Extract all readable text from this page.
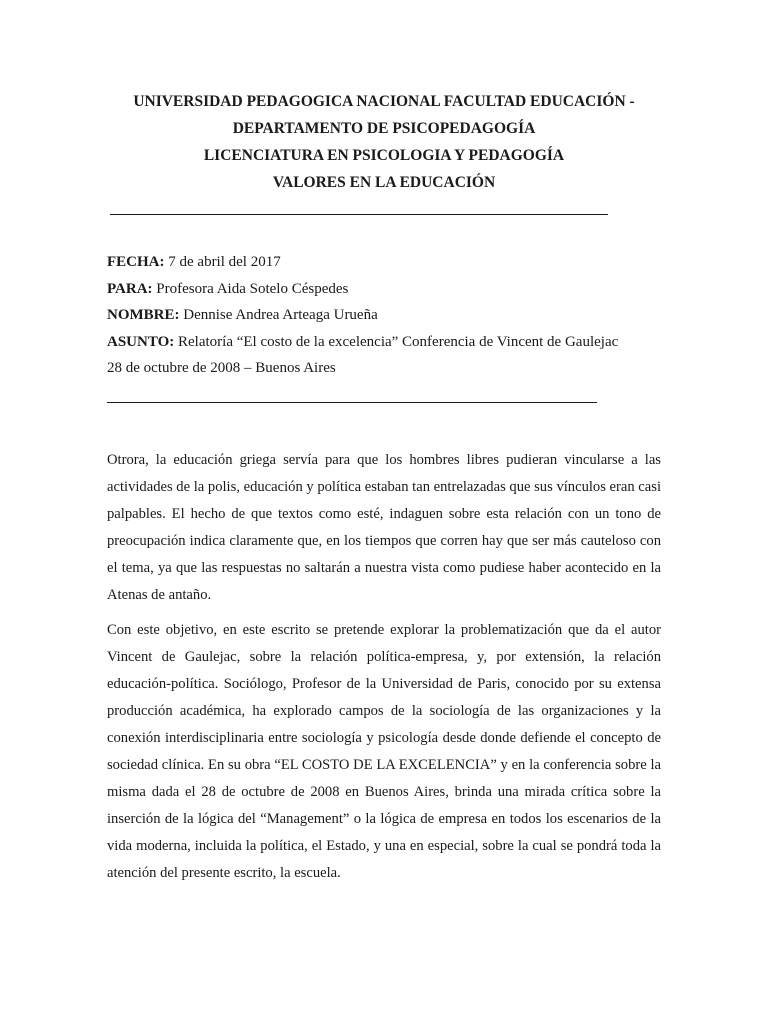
UNIVERSIDAD PEDAGOGICA NACIONAL FACULTAD EDUCACIÓN -
DEPARTAMENTO DE PSICOPEDAGOGÍA
LICENCIATURA EN PSICOLOGIA Y PEDAGOGÍA
VALORES EN LA EDUCACIÓN
FECHA: 7 de abril del 2017
PARA: Profesora Aida Sotelo Céspedes
NOMBRE: Dennise Andrea Arteaga Urueña
ASUNTO: Relatoría “El costo de la excelencia” Conferencia de Vincent de Gaulejac
28 de octubre de 2008 – Buenos Aires

Otrora, la educación griega servía para que los hombres libres pudieran vincularse a las actividades de la polis, educación y política estaban tan entrelazadas que sus vínculos eran casi palpables. El hecho de que textos como esté, indaguen sobre esta relación con un tono de preocupación indica claramente que, en los tiempos que corren hay que ser más cauteloso con el tema, ya que las respuestas no saltarán a nuestra vista como pudiese haber acontecido en la Atenas de antaño.

Con este objetivo, en este escrito se pretende explorar la problematización que da el autor Vincent de Gaulejac, sobre la relación política-empresa, y, por extensión, la relación educación-política. Sociólogo, Profesor de la Universidad de Paris, conocido por su extensa producción académica, ha explorado campos de la sociología de las organizaciones y la conexión interdisciplinaria entre sociología y psicología desde donde defiende el concepto de sociedad clínica. En su obra “EL COSTO DE LA EXCELENCIA” y en la conferencia sobre la misma dada el 28 de octubre de 2008 en Buenos Aires, brinda una mirada crítica sobre la inserción de la lógica del “Management” o la lógica de empresa en todos los escenarios de la vida moderna, incluida la política, el Estado, y una en especial, sobre la cual se pondrá toda la atención del presente escrito, la escuela.
